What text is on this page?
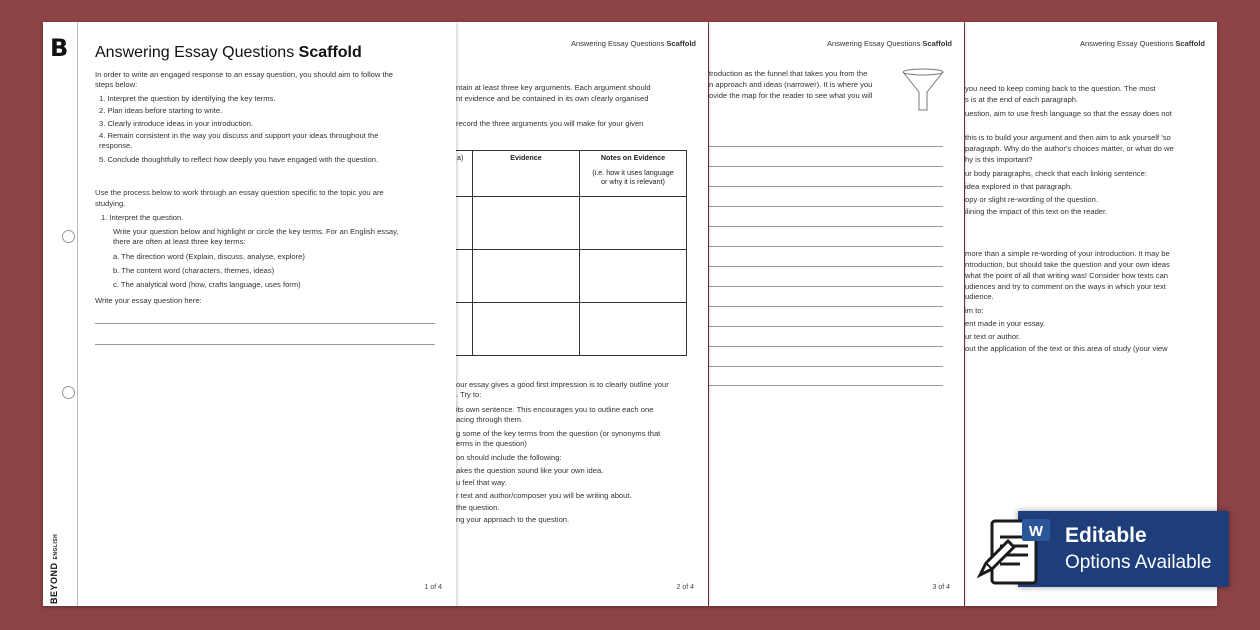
B
BEYONDENGLISH
Answering Essay Questions Scaffold
In order to write an engaged response to an essay question, you should aim to follow the
steps below:
1. Interpret the question by identifying the key terms.
2. Plan ideas before starting to write.
3. Clearly introduce ideas in your introduction.
4. Remain consistent in the way you discuss and support your ideas throughout the
response.
5. Conclude thoughtfully to reflect how deeply you have engaged with the question.
Use the process below to work through an essay question specific to the topic you are
studying.
1. Interpret the question.
Write your question below and highlight or circle the key terms. For an English essay,
there are often at least three key terms:
a. The direction word (Explain, discuss, analyse, explore)
b. The content word (characters, themes, ideas)
c. The analytical word (how, crafts language, uses form)
Write your essay question here:
1 of 4
Answering Essay Questions Scaffold
ntain at least three key arguments. Each argument should
nt evidence and be contained in its own clearly organised
record the three arguments you will make for your given
a)	Evidence	Notes on Evidence
(i.e. how it uses language
or why it is relevant)

our essay gives a good first impression is to clearly outline your
. Try to:
its own sentence. This encourages you to outline each one
acing through them.
g some of the key terms from the question (or synonyms that
erms in the question)
on should include the following:
akes the question sound like your own idea.
u feel that way.
r text and author/composer you will be writing about.
the question.
ng your approach to the question.
2 of 4
Answering Essay Questions Scaffold
troduction as the funnel that takes you from the
n approach and ideas (narrower). It is where you
ovide the map for the reader to see what you will
3 of 4
Answering Essay Questions Scaffold
you need to keep coming back to the question. The most
s is at the end of each paragraph.
uestion, aim to use fresh language so that the essay does not
this is to build your argument and then aim to ask yourself 'so
paragraph. Why do the author's choices matter, or what do we
hy is this important?
ur body paragraphs, check that each linking sentence:
idea explored in that paragraph.
opy or slight re-wording of the question.
ilining the impact of this text on the reader.
more than a simple re-wording of your introduction. It may be
ntroduction, but should take the question and your own ideas
what the point of all that writing was! Consider how texts can
udiences and try to comment on the ways in which your text
udience.
im to:
ent made in your essay.
ur text or author.
out the application of the text or this area of study (your view
Editable
Options Available
W
